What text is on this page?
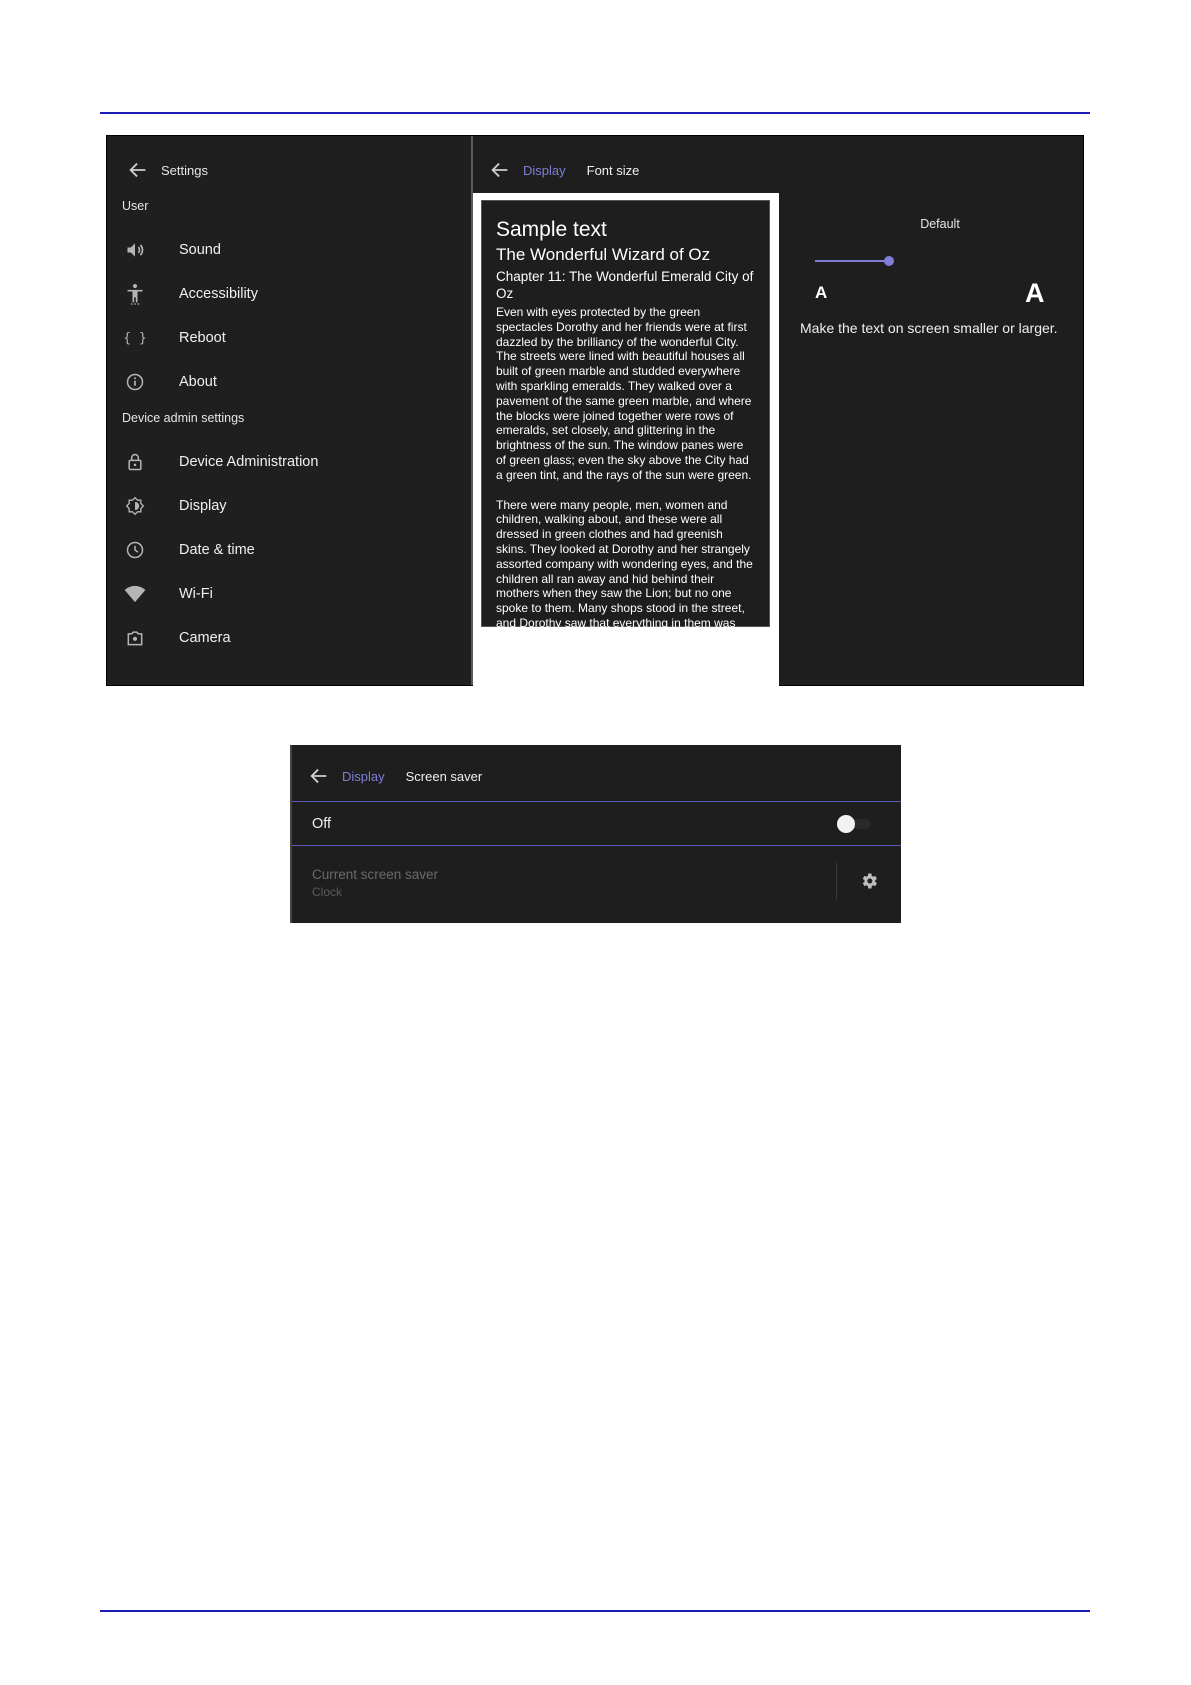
Settings
User
Sound
Accessibility
{ } Reboot
About
Device admin settings
Device Administration
Display
Date & time
Wi-Fi
Camera
Display Font size
Sample text
The Wonderful Wizard of Oz
Chapter 11: The Wonderful Emerald City of Oz

Even with eyes protected by the green spectacles Dorothy and her friends were at first dazzled by the brilliancy of the wonderful City. The streets were lined with beautiful houses all built of green marble and studded everywhere with sparkling emeralds. They walked over a pavement of the same green marble, and where the blocks were joined together were rows of emeralds, set closely, and glittering in the brightness of the sun. The window panes were of green glass; even the sky above the City had a green tint, and the rays of the sun were green.

There were many people, men, women and children, walking about, and these were all dressed in green clothes and had greenish skins. They looked at Dorothy and her strangely assorted company with wondering eyes, and the children all ran away and hid behind their mothers when they saw the Lion; but no one spoke to them. Many shops stood in the street, and Dorothy saw that everything in them was green.

Default
A	A
Make the text on screen smaller or larger.
Display Screen saver
Off
Current screen saver
Clock
